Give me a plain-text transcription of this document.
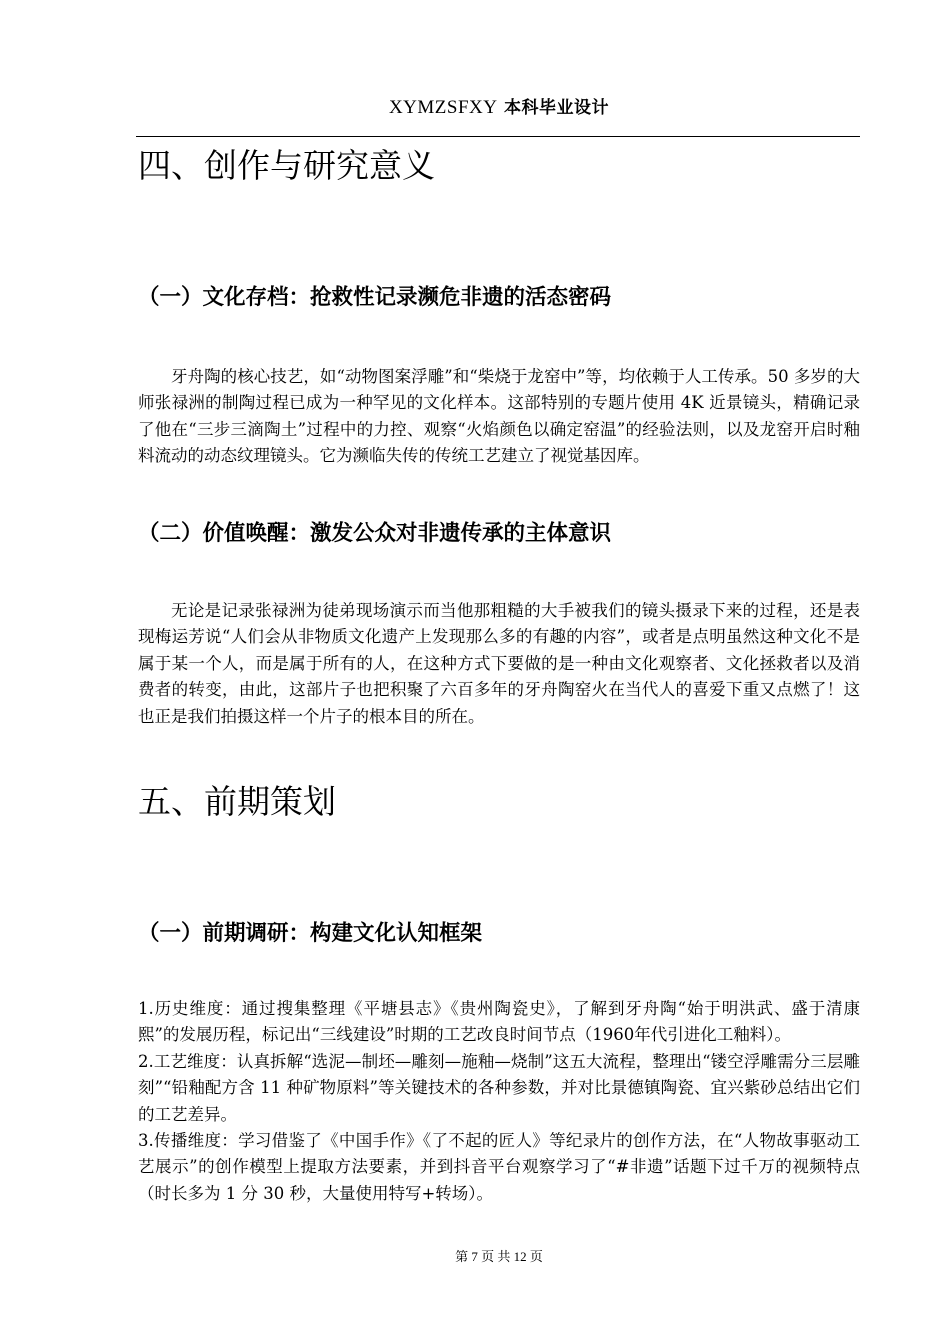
XYMZSFXY 本科毕业设计
四、创作与研究意义
（一）文化存档：抢救性记录濒危非遗的活态密码

牙舟陶的核心技艺，如“动物图案浮雕”和“柴烧于龙窑中”等，均依赖于人工传承。50 多岁的大师张禄洲的制陶过程已成为一种罕见的文化样本。这部特别的专题片使用 4K 近景镜头，精确记录了他在“三步三滴陶土”过程中的力控、观察“火焰颜色以确定窑温”的经验法则，以及龙窑开启时釉料流动的动态纹理镜头。它为濒临失传的传统工艺建立了视觉基因库。

（二）价值唤醒：激发公众对非遗传承的主体意识

无论是记录张禄洲为徒弟现场演示而当他那粗糙的大手被我们的镜头摄录下来的过程，还是表现梅运芳说“人们会从非物质文化遗产上发现那么多的有趣的内容”，或者是点明虽然这种文化不是属于某一个人，而是属于所有的人，在这种方式下要做的是一种由文化观察者、文化拯救者以及消费者的转变，由此，这部片子也把积聚了六百多年的牙舟陶窑火在当代人的喜爱下重又点燃了！这也正是我们拍摄这样一个片子的根本目的所在。

五、前期策划
（一）前期调研：构建文化认知框架
1.历史维度：通过搜集整理《平塘县志》《贵州陶瓷史》，了解到牙舟陶“始于明洪武、盛于清康熙”的发展历程，标记出“三线建设”时期的工艺改良时间节点（1960年代引进化工釉料）。
2.工艺维度：认真拆解“选泥—制坯—雕刻—施釉—烧制”这五大流程，整理出“镂空浮雕需分三层雕刻”“铅釉配方含 11 种矿物原料”等关键技术的各种参数，并对比景德镇陶瓷、宜兴紫砂总结出它们的工艺差异。
3.传播维度：学习借鉴了《中国手作》《了不起的匠人》等纪录片的创作方法，在“人物故事驱动工艺展示”的创作模型上提取方法要素，并到抖音平台观察学习了“#非遗”话题下过千万的视频特点（时长多为 1 分 30 秒，大量使用特写+转场）。
第 7 页 共 12 页
